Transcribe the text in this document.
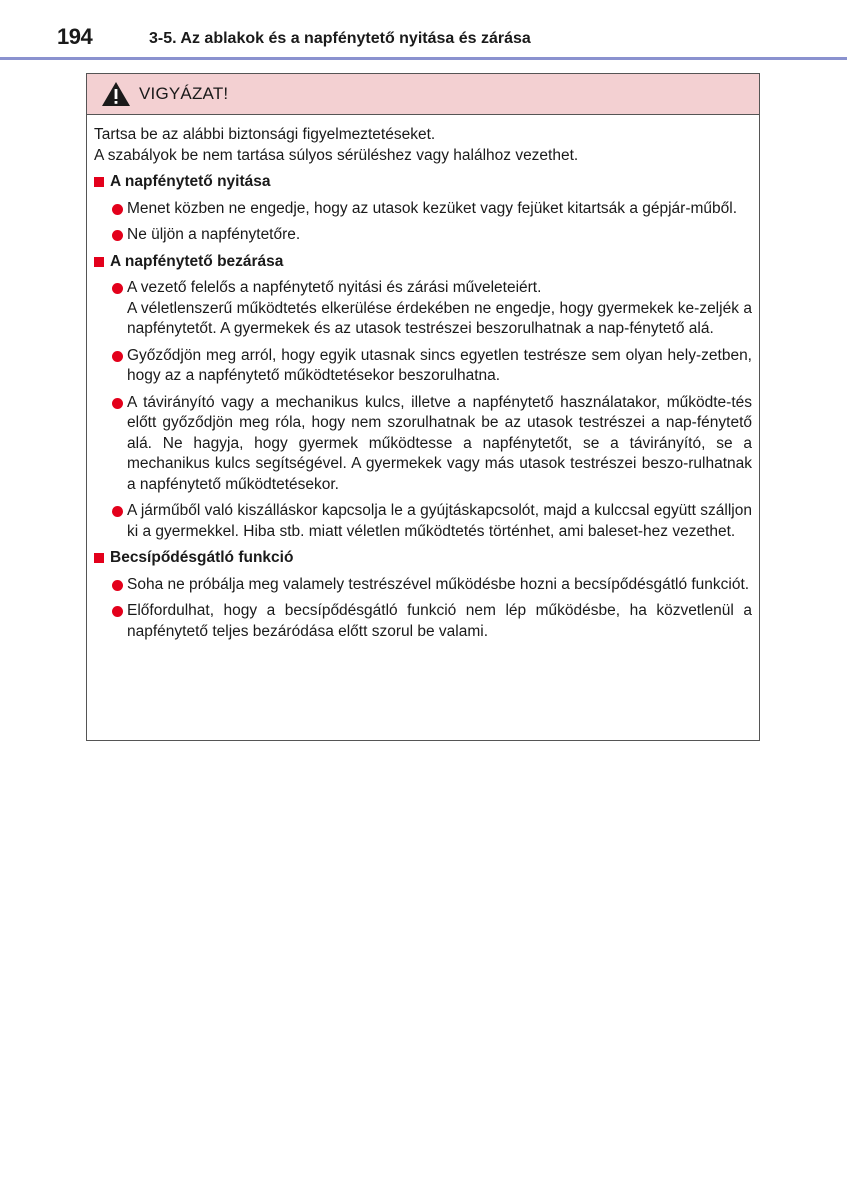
194	3-5. Az ablakok és a napfénytető nyitása és zárása
VIGYÁZAT!

Tartsa be az alábbi biztonsági figyelmeztetéseket.

A szabályok be nem tartása súlyos sérüléshez vagy halálhoz vezethet.

A napfénytető nyitása
Menet közben ne engedje, hogy az utasok kezüket vagy fejüket kitartsák a gépjár-műből.
Ne üljön a napfénytetőre.
A napfénytető bezárása
A vezető felelős a napfénytető nyitási és zárási műveleteiért.
A véletlenszerű működtetés elkerülése érdekében ne engedje, hogy gyermekek ke-zeljék a napfénytetőt. A gyermekek és az utasok testrészei beszorulhatnak a nap-fénytető alá.
Győződjön meg arról, hogy egyik utasnak sincs egyetlen testrésze sem olyan hely-zetben, hogy az a napfénytető működtetésekor beszorulhatna.
A távirányító vagy a mechanikus kulcs, illetve a napfénytető használatakor, működte-tés előtt győződjön meg róla, hogy nem szorulhatnak be az utasok testrészei a nap-fénytető alá. Ne hagyja, hogy gyermek működtesse a napfénytetőt, se a távirányító, se a mechanikus kulcs segítségével. A gyermekek vagy más utasok testrészei beszo-rulhatnak a napfénytető működtetésekor.
A járműből való kiszálláskor kapcsolja le a gyújtáskapcsolót, majd a kulccsal együtt szálljon ki a gyermekkel. Hiba stb. miatt véletlen működtetés történhet, ami baleset-hez vezethet.
Becsípődésgátló funkció
Soha ne próbálja meg valamely testrészével működésbe hozni a becsípődésgátló funkciót.
Előfordulhat, hogy a becsípődésgátló funkció nem lép működésbe, ha közvetlenül a napfénytető teljes bezáródása előtt szorul be valami.
